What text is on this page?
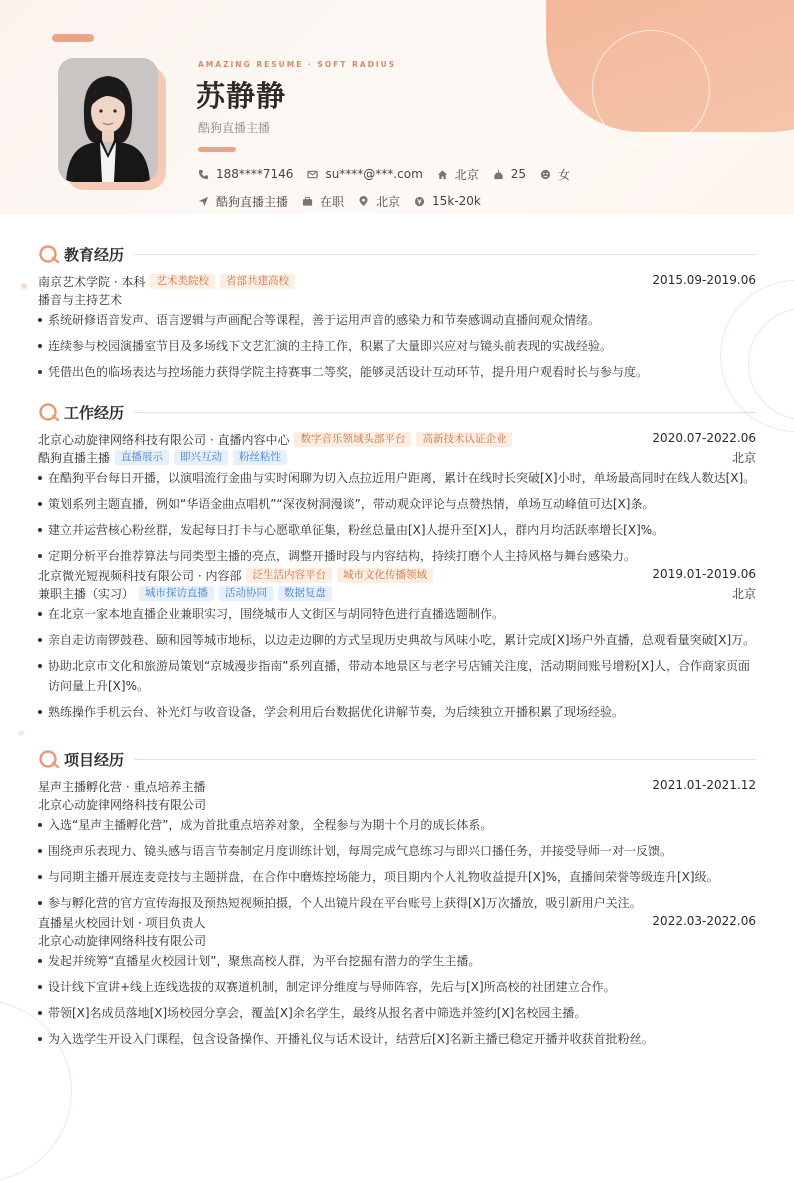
AMAZING RESUME · SOFT RADIUS
苏静静
酷狗直播主播
188****7146	su****@***.com	北京	25	女
酷狗直播主播	在职	北京	15k-20k
教育经历
南京艺术学院 · 本科	艺术类院校	省部共建高校	2015.09-2019.06
播音与主持艺术
系统研修语音发声、语言逻辑与声画配合等课程，善于运用声音的感染力和节奏感调动直播间观众情绪。
连续参与校园演播室节目及多场线下文艺汇演的主持工作，积累了大量即兴应对与镜头前表现的实战经验。
凭借出色的临场表达与控场能力获得学院主持赛事二等奖，能够灵活设计互动环节，提升用户观看时长与参与度。
工作经历
北京心动旋律网络科技有限公司 · 直播内容中心	数字音乐领域头部平台	高新技术认证企业	2020.07-2022.06
酷狗直播主播	直播展示	即兴互动	粉丝粘性	北京
在酷狗平台每日开播，以演唱流行金曲与实时闲聊为切入点拉近用户距离，累计在线时长突破[X]小时，单场最高同时在线人数达[X]。
策划系列主题直播，例如“华语金曲点唱机”“深夜树洞漫谈”，带动观众评论与点赞热情，单场互动峰值可达[X]条。
建立并运营核心粉丝群，发起每日打卡与心愿歌单征集，粉丝总量由[X]人提升至[X]人，群内月均活跃率增长[X]%。
定期分析平台推荐算法与同类型主播的亮点，调整开播时段与内容结构，持续打磨个人主持风格与舞台感染力。
北京微光短视频科技有限公司 · 内容部	泛生活内容平台	城市文化传播领域	2019.01-2019.06
兼职主播（实习）	城市探访直播	活动协同	数据复盘	北京
在北京一家本地直播企业兼职实习，围绕城市人文街区与胡同特色进行直播选题制作。
亲自走访南锣鼓巷、颐和园等城市地标，以边走边聊的方式呈现历史典故与风味小吃，累计完成[X]场户外直播，总观看量突破[X]万。
协助北京市文化和旅游局策划“京城漫步指南”系列直播，带动本地景区与老字号店铺关注度，活动期间账号增粉[X]人，合作商家页面访问量上升[X]%。
熟练操作手机云台、补光灯与收音设备，学会利用后台数据优化讲解节奏，为后续独立开播积累了现场经验。
项目经历
星声主播孵化营 · 重点培养主播	2021.01-2021.12
北京心动旋律网络科技有限公司
入选“星声主播孵化营”，成为首批重点培养对象，全程参与为期十个月的成长体系。
围绕声乐表现力、镜头感与语言节奏制定月度训练计划，每周完成气息练习与即兴口播任务，并接受导师一对一反馈。
与同期主播开展连麦竞技与主题拼盘，在合作中磨炼控场能力，项目期内个人礼物收益提升[X]%，直播间荣誉等级连升[X]级。
参与孵化营的官方宣传海报及预热短视频拍摄，个人出镜片段在平台账号上获得[X]万次播放，吸引新用户关注。
直播星火校园计划 · 项目负责人	2022.03-2022.06
北京心动旋律网络科技有限公司
发起并统筹“直播星火校园计划”，聚焦高校人群，为平台挖掘有潜力的学生主播。
设计线下宣讲+线上连线选拔的双赛道机制，制定评分维度与导师阵容，先后与[X]所高校的社团建立合作。
带领[X]名成员落地[X]场校园分享会，覆盖[X]余名学生，最终从报名者中筛选并签约[X]名校园主播。
为入选学生开设入门课程，包含设备操作、开播礼仪与话术设计，结营后[X]名新主播已稳定开播并收获首批粉丝。
